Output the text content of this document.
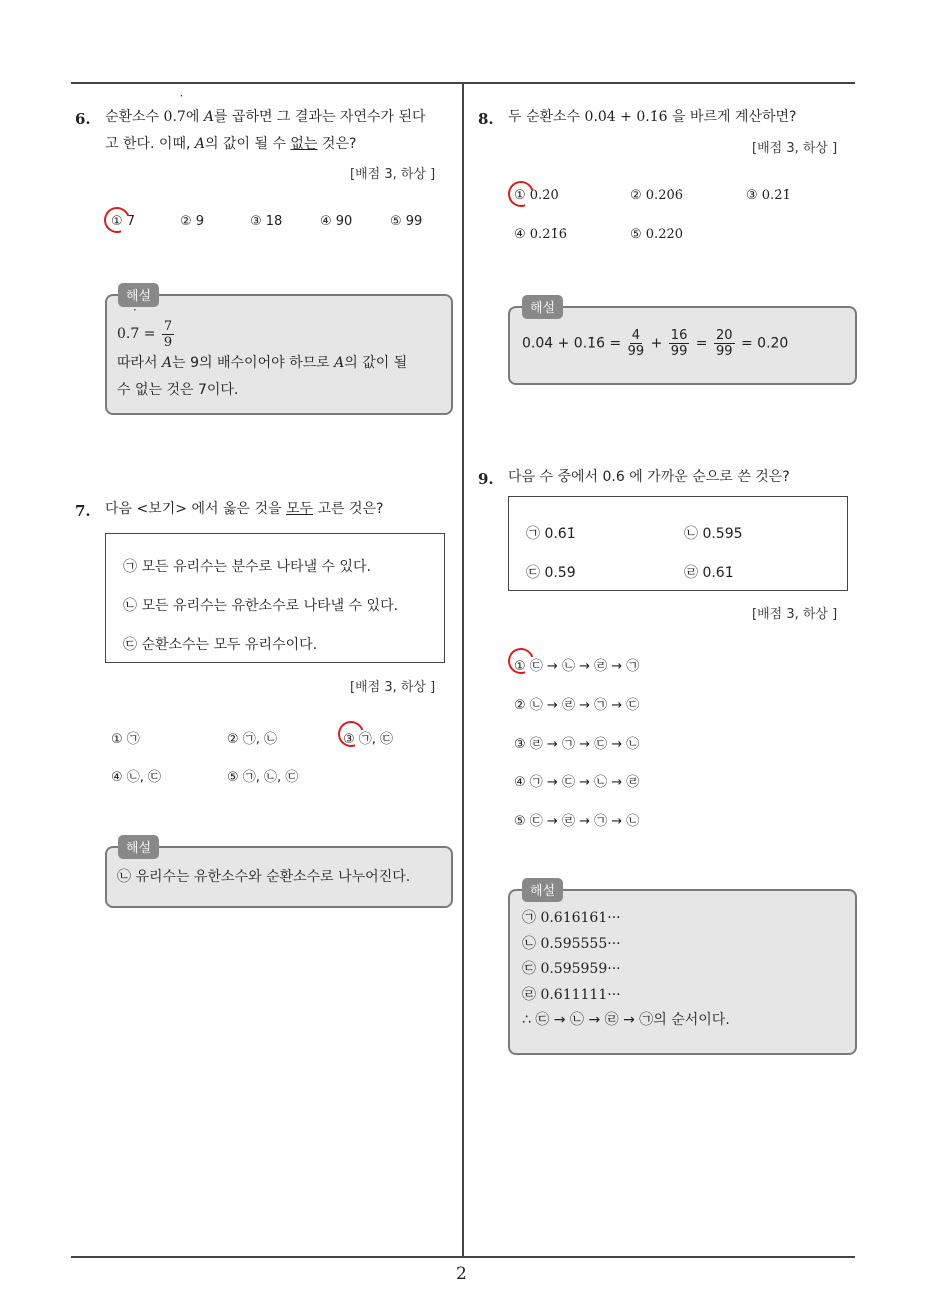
2
6. 순환소수 0.˙ 7에 A를 곱하면 그 결과는 자연수가 된다
고 한다. 이때, A의 값이 될 수 없는 것은?
[배점 3, 하상 ]
① 7	② 9	③ 18	④ 90	⑤ 99
0.˙ $7 = \frac{7}{9}$
따라서 A는 9의 배수이어야 하므로 A의 값이 될
수 없는 것은 7이다.
해설
7. 다음 <보기> 에서 옳은 것을 모두 고른 것은?
㉠ 모든 유리수는 분수로 나타낼 수 있다.
㉡ 모든 유리수는 유한소수로 나타낼 수 있다.
㉢ 순환소수는 모두 유리수이다.
[배점 3, 하상 ]
① ㉠	② ㉠, ㉡	③ ㉠, ㉢
④ ㉡, ㉢	⑤ ㉠, ㉡, ㉢
㉡ 유리수는 유한소수와 순환소수로 나누어진다.
해설
8. 두 순환소수 0.0̇4̇ + 0.1̇6̇ 을 바르게 계산하면?
[배점 3, 하상 ]
① 0.2̇0̇	② 0.20̇6̇	③ 0.2̇1̇
④ 0.21̇6̇	⑤ 0.22̇0̇
0.0̇4̇ + 0.1̇6̇ = $\frac{4}{99} + \frac{16}{99} = \frac{20}{99}$ = 0.2̇0̇
해설
9. 다음 수 중에서 0.6 에 가까운 순으로 쓴 것은?
㉠ 0.6̇1̇	㉡ 0.595̇
㉢ 0.5̇9̇	㉣ 0.61̇
[배점 3, 하상 ]
① ㉢ → ㉡ → ㉣ → ㉠
② ㉡ → ㉣ → ㉠ → ㉢
③ ㉣ → ㉠ → ㉢ → ㉡
④ ㉠ → ㉢ → ㉡ → ㉣
⑤ ㉢ → ㉣ → ㉠ → ㉡
㉠ 0.616161···
㉡ 0.595555···
㉢ 0.595959···
㉣ 0.611111···
∴ ㉢ → ㉡ → ㉣ → ㉠의 순서이다.
해설
